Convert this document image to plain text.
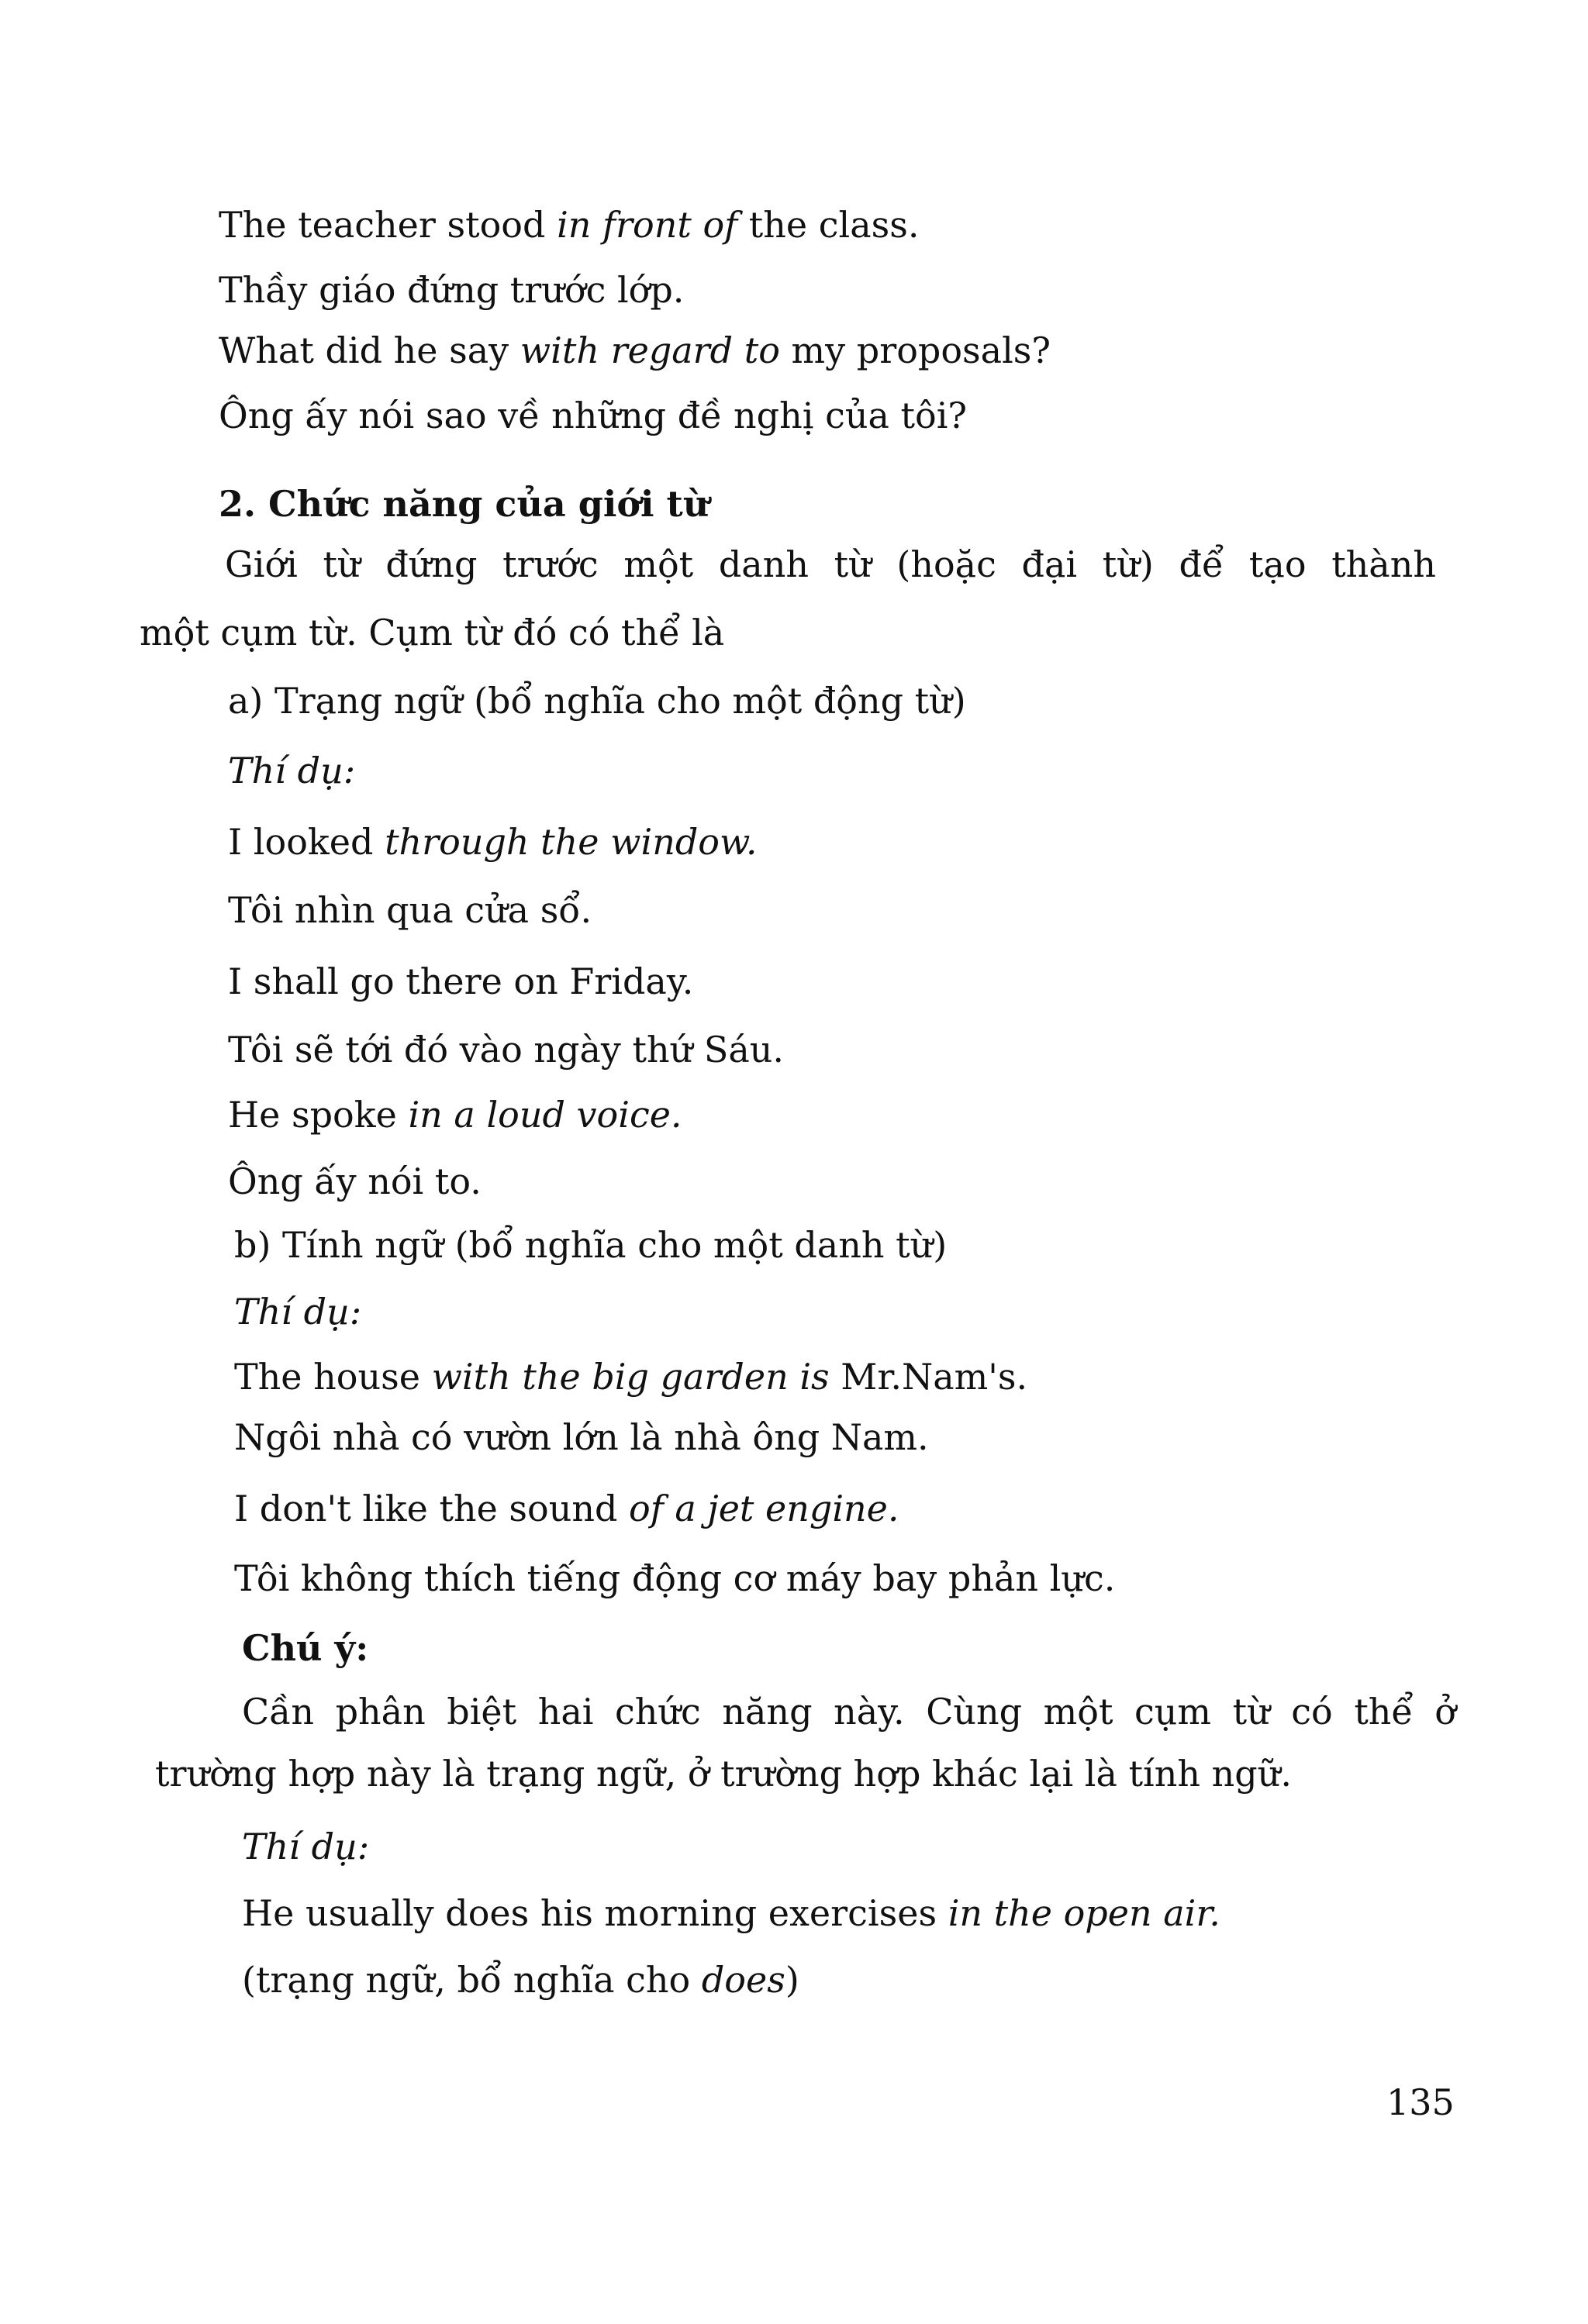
The teacher stood in front of the class.
Thầy giáo đứng trước lớp.
What did he say with regard to my proposals?
Ông ấy nói sao về những đề nghị của tôi?
2. Chức năng của giới từ
Giới từ đứng trước một danh từ (hoặc đại từ) để tạo thành
một cụm từ. Cụm từ đó có thể là
a) Trạng ngữ (bổ nghĩa cho một động từ)
Thí dụ:
I looked through the window.
Tôi nhìn qua cửa sổ.
I shall go there on Friday.
Tôi sẽ tới đó vào ngày thứ Sáu.
He spoke in a loud voice.
Ông ấy nói to.
b) Tính ngữ (bổ nghĩa cho một danh từ)
Thí dụ:
The house with the big garden is Mr.Nam's.
Ngôi nhà có vườn lớn là nhà ông Nam.
I don't like the sound of a jet engine.
Tôi không thích tiếng động cơ máy bay phản lực.
Chú ý:
Cần phân biệt hai chức năng này. Cùng một cụm từ có thể ở
trường hợp này là trạng ngữ, ở trường hợp khác lại là tính ngữ.
Thí dụ:
He usually does his morning exercises in the open air.
(trạng ngữ, bổ nghĩa cho does)
135
